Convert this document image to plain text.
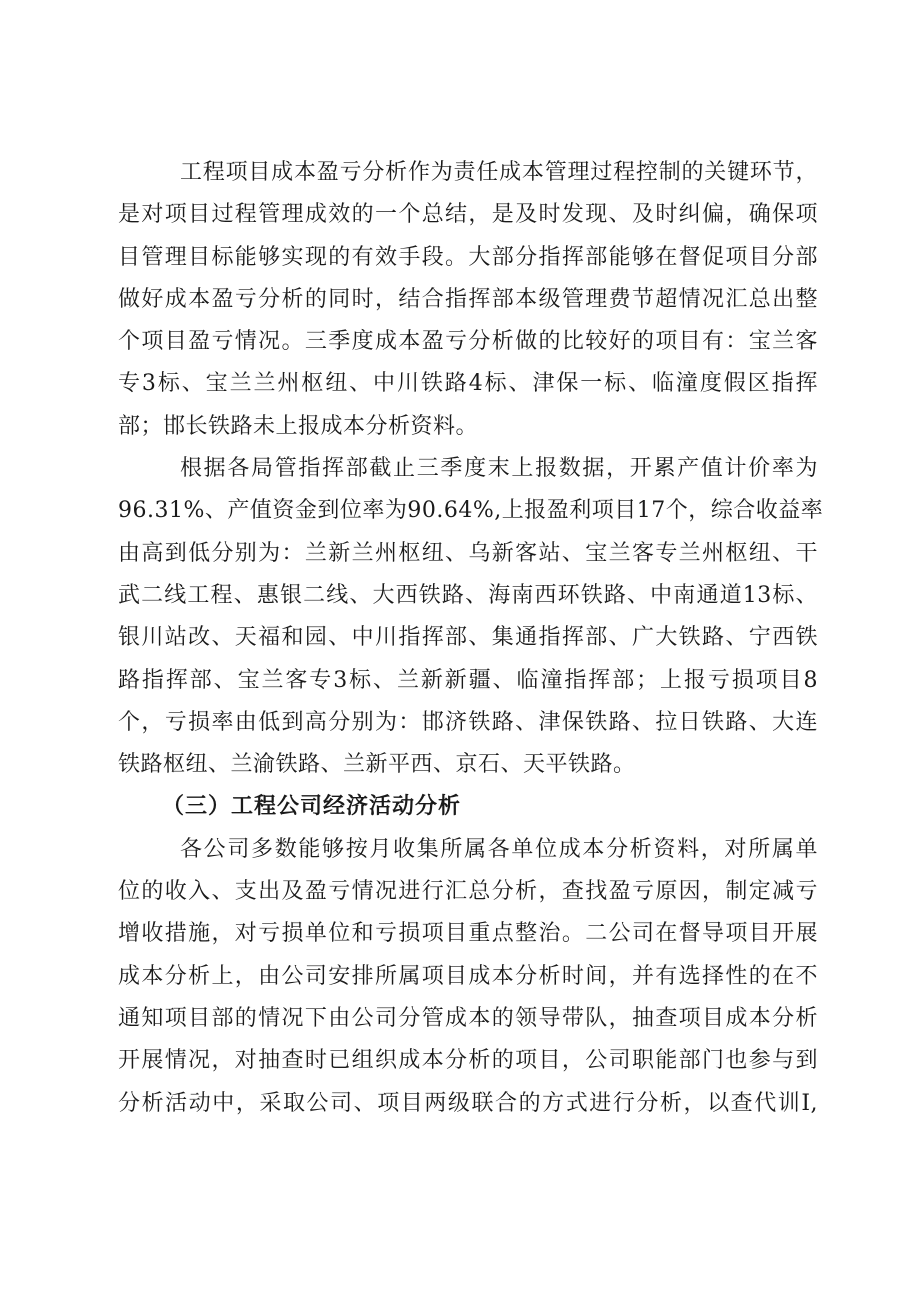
工程项目成本盈亏分析作为责任成本管理过程控制的关键环节，
是对项目过程管理成效的一个总结，是及时发现、及时纠偏，确保项
目管理目标能够实现的有效手段。大部分指挥部能够在督促项目分部
做好成本盈亏分析的同时，结合指挥部本级管理费节超情况汇总出整
个项目盈亏情况。三季度成本盈亏分析做的比较好的项目有：宝兰客
专3标、宝兰兰州枢纽、中川铁路4标、津保一标、临潼度假区指挥
部；邯长铁路未上报成本分析资料。
根据各局管指挥部截止三季度末上报数据，开累产值计价率为
96.31%、产值资金到位率为90.64%,上报盈利项目17个，综合收益率
由高到低分别为：兰新兰州枢纽、乌新客站、宝兰客专兰州枢纽、干
武二线工程、惠银二线、大西铁路、海南西环铁路、中南通道13标、
银川站改、天福和园、中川指挥部、集通指挥部、广大铁路、宁西铁
路指挥部、宝兰客专3标、兰新新疆、临潼指挥部；上报亏损项目8
个，亏损率由低到高分别为：邯济铁路、津保铁路、拉日铁路、大连
铁路枢纽、兰渝铁路、兰新平西、京石、天平铁路。
（三）工程公司经济活动分析
各公司多数能够按月收集所属各单位成本分析资料，对所属单
位的收入、支出及盈亏情况进行汇总分析，查找盈亏原因，制定减亏
增收措施，对亏损单位和亏损项目重点整治。二公司在督导项目开展
成本分析上，由公司安排所属项目成本分析时间，并有选择性的在不
通知项目部的情况下由公司分管成本的领导带队，抽查项目成本分析
开展情况，对抽查时已组织成本分析的项目，公司职能部门也参与到
分析活动中，采取公司、项目两级联合的方式进行分析，以查代训I,
